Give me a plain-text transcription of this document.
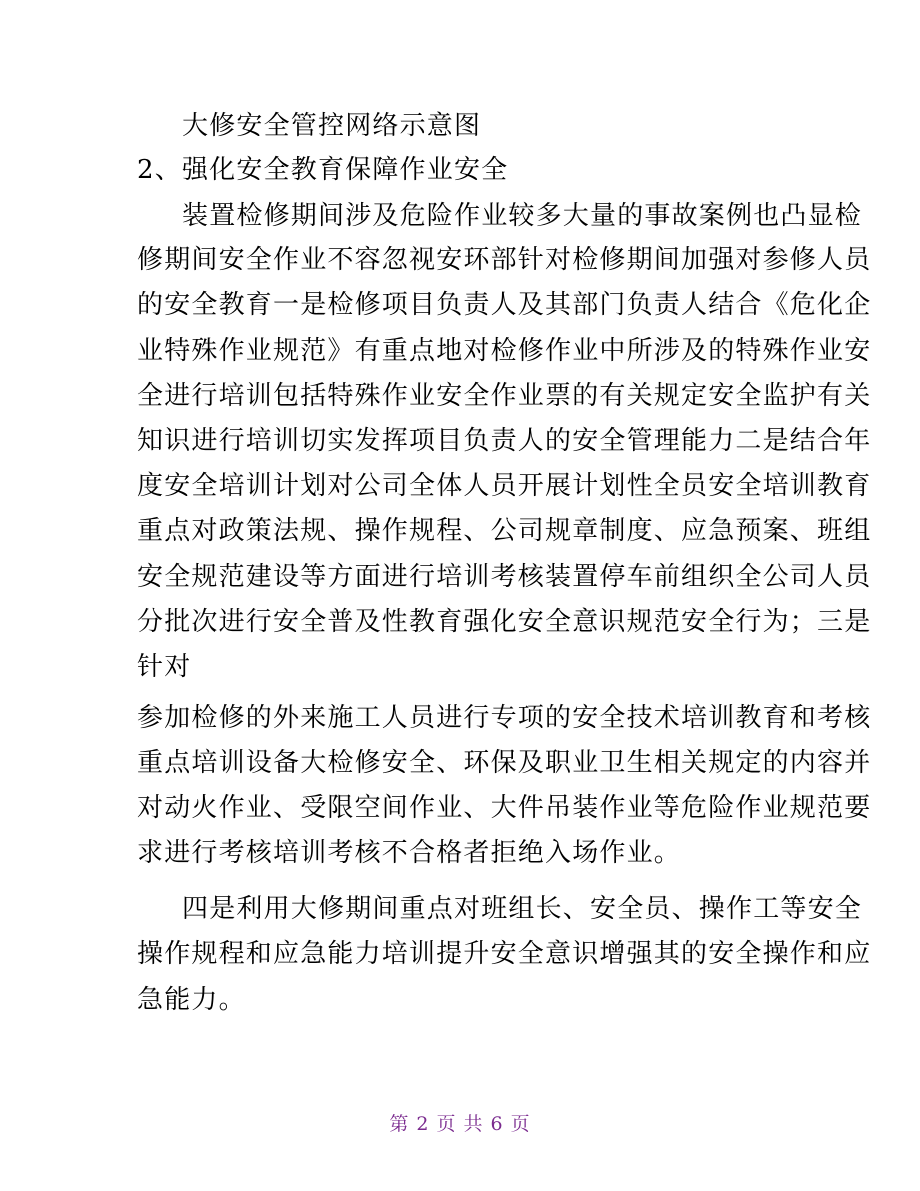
大修安全管控网络示意图
2、强化安全教育保障作业安全
装置检修期间涉及危险作业较多大量的事故案例也凸显检
修期间安全作业不容忽视安环部针对检修期间加强对参修人员
的安全教育一是检修项目负责人及其部门负责人结合《危化企
业特殊作业规范》有重点地对检修作业中所涉及的特殊作业安
全进行培训包括特殊作业安全作业票的有关规定安全监护有关
知识进行培训切实发挥项目负责人的安全管理能力二是结合年
度安全培训计划对公司全体人员开展计划性全员安全培训教育
重点对政策法规、操作规程、公司规章制度、应急预案、班组
安全规范建设等方面进行培训考核装置停车前组织全公司人员
分批次进行安全普及性教育强化安全意识规范安全行为；三是
针对
参加检修的外来施工人员进行专项的安全技术培训教育和考核
重点培训设备大检修安全、环保及职业卫生相关规定的内容并
对动火作业、受限空间作业、大件吊装作业等危险作业规范要
求进行考核培训考核不合格者拒绝入场作业。
四是利用大修期间重点对班组长、安全员、操作工等安全
操作规程和应急能力培训提升安全意识增强其的安全操作和应
急能力。
第 2 页 共 6 页
